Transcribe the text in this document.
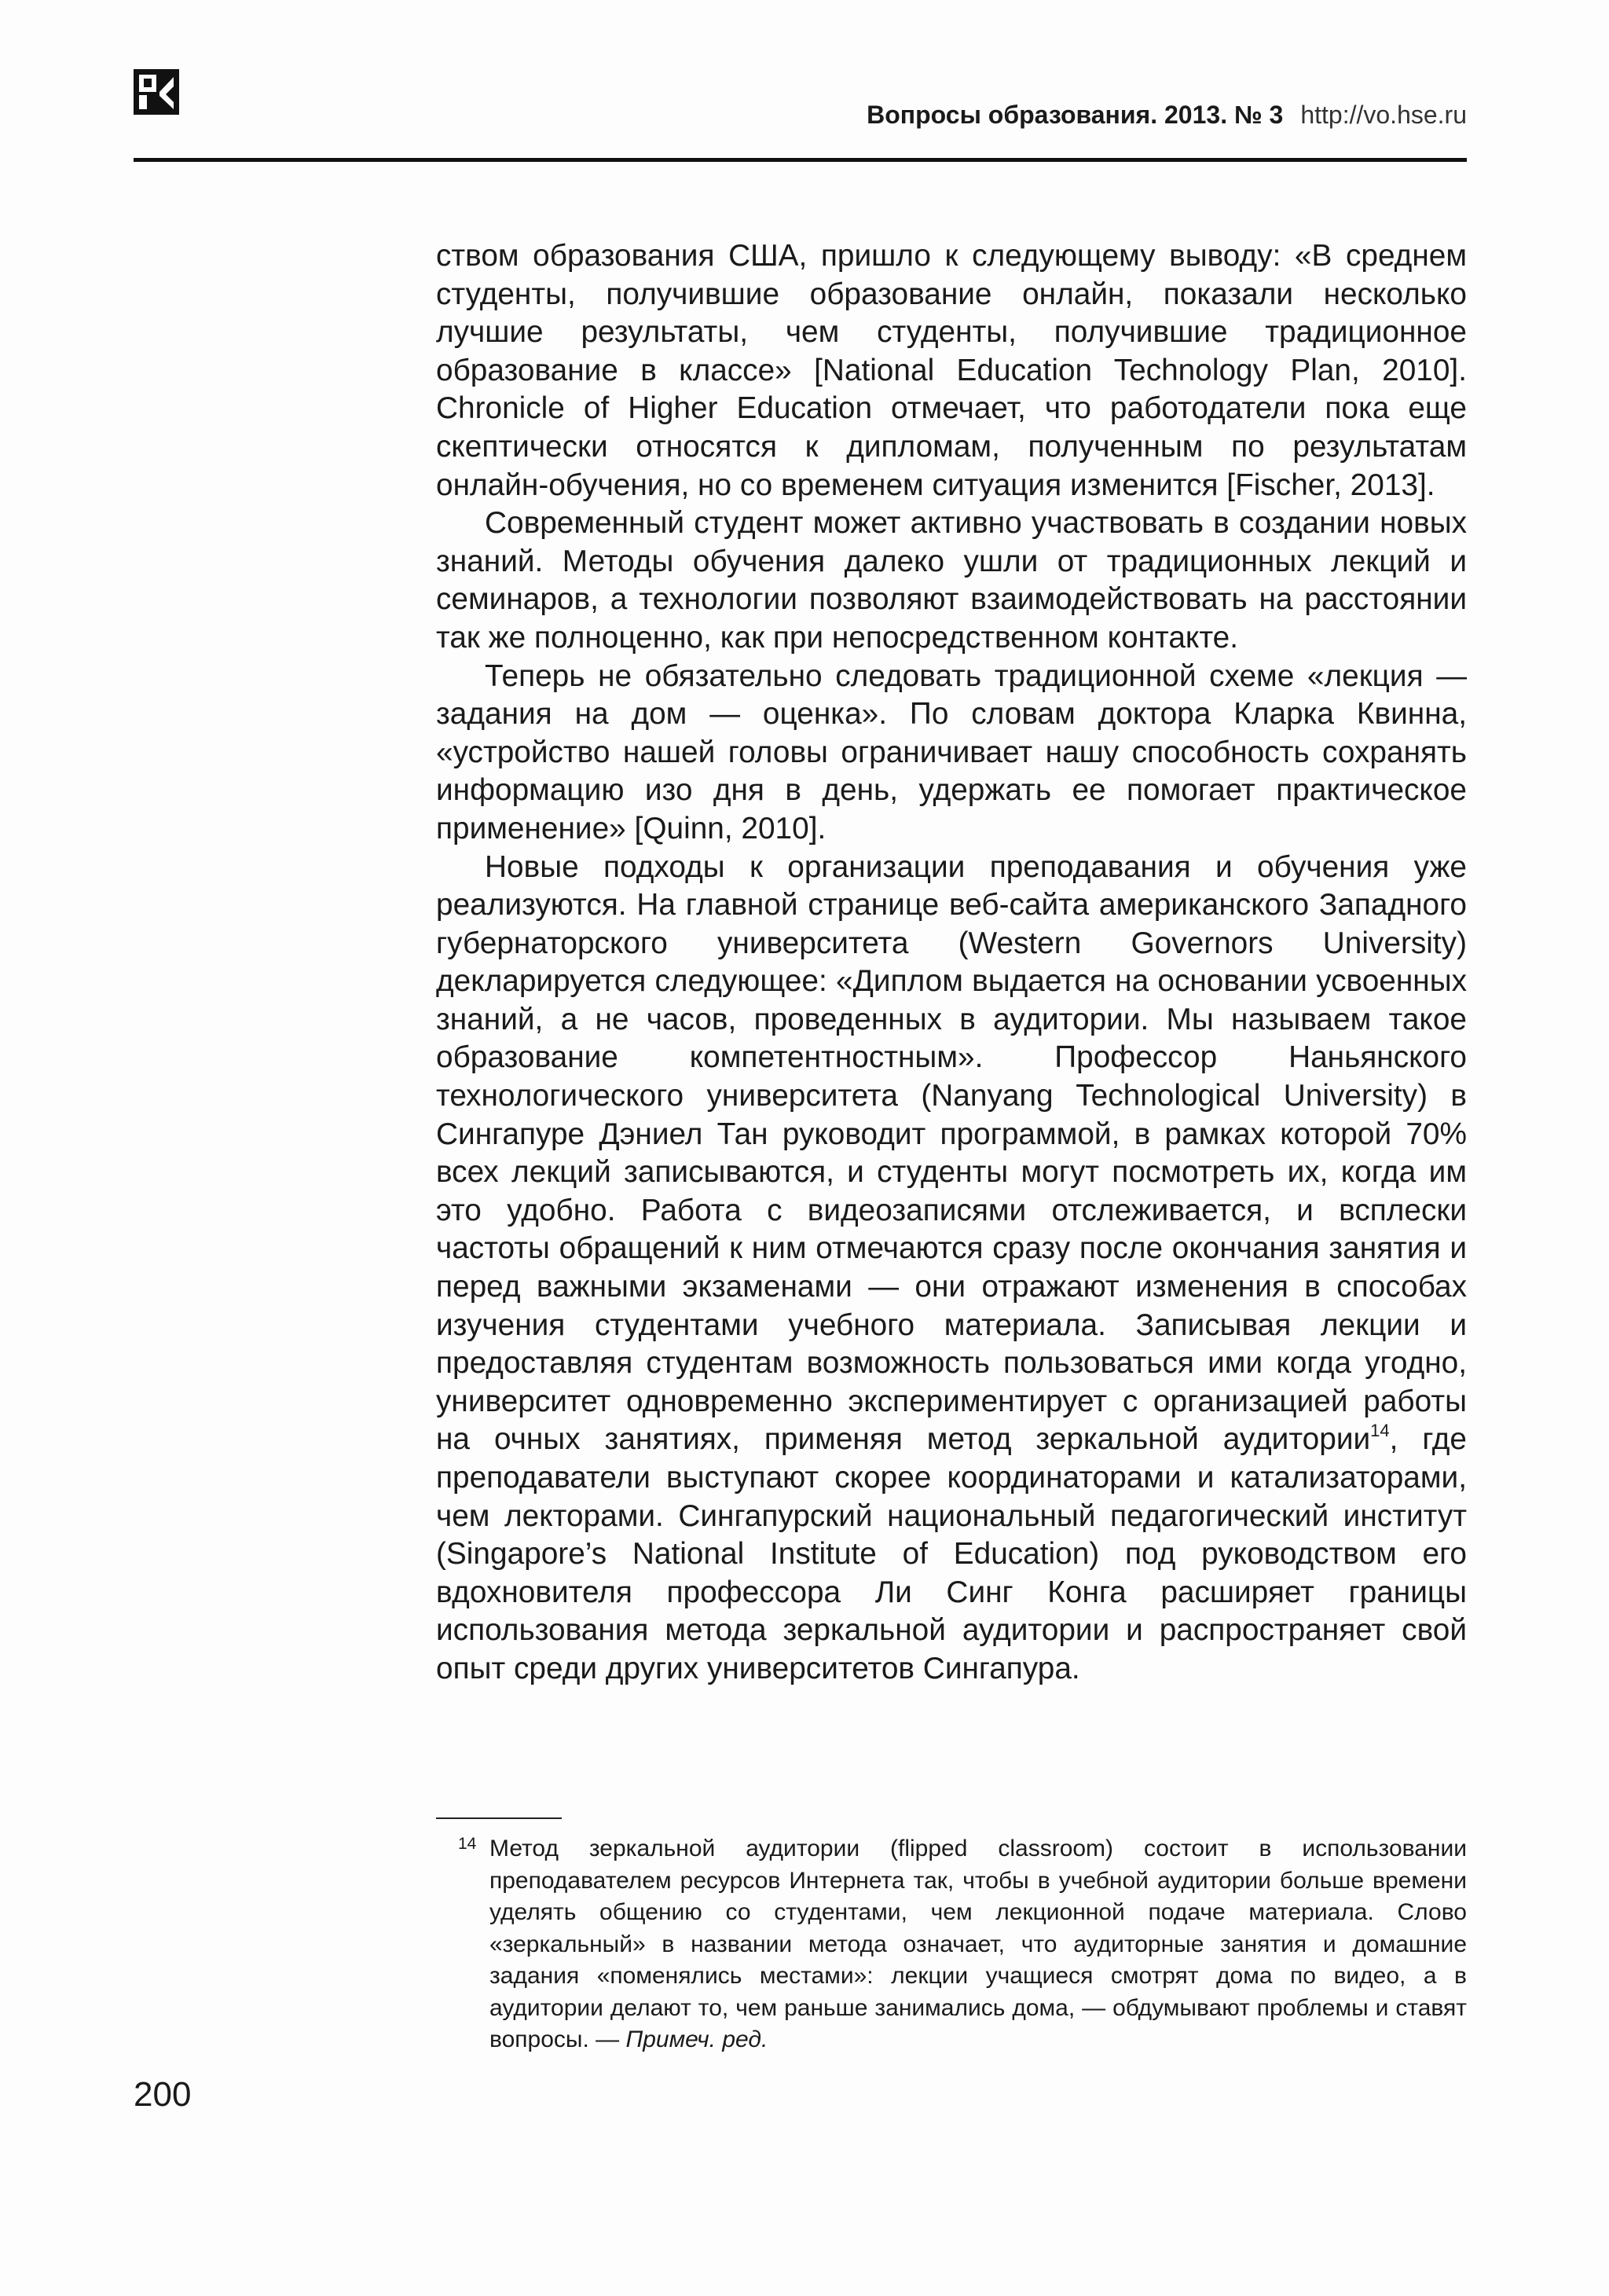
Вопросы образования. 2013. № 3 http://vo.hse.ru

ством образования США, пришло к следующему выводу: «В среднем студенты, получившие образование онлайн, показали несколько лучшие результаты, чем студенты, получившие традиционное образование в классе» [National Education Technology Plan, 2010]. Chronicle of Higher Education отмечает, что работодатели пока еще скептически относятся к дипломам, полученным по результатам онлайн-обучения, но со временем ситуация изменится [Fischer, 2013].

Современный студент может активно участвовать в создании новых знаний. Методы обучения далеко ушли от традиционных лекций и семинаров, а технологии позволяют взаимодействовать на расстоянии так же полноценно, как при непосредственном контакте.

Теперь не обязательно следовать традиционной схеме «лекция — задания на дом — оценка». По словам доктора Кларка Квинна, «устройство нашей головы ограничивает нашу способность сохранять информацию изо дня в день, удержать ее помогает практическое применение» [Quinn, 2010].

Новые подходы к организации преподавания и обучения уже реализуются. На главной странице веб-сайта американского Западного губернаторского университета (Western Governors University) декларируется следующее: «Диплом выдается на основании усвоенных знаний, а не часов, проведенных в аудитории. Мы называем такое образование компетентностным». Профессор Наньянского технологического университета (Nanyang Technological University) в Сингапуре Дэниел Тан руководит программой, в рамках которой 70% всех лекций записываются, и студенты могут посмотреть их, когда им это удобно. Работа с видеозаписями отслеживается, и всплески частоты обращений к ним отмечаются сразу после окончания занятия и перед важными экзаменами — они отражают изменения в способах изучения студентами учебного материала. Записывая лекции и предоставляя студентам возможность пользоваться ими когда угодно, университет одновременно экспериментирует с организацией работы на очных занятиях, применяя метод зеркальной аудитории$^{14}$, где преподаватели выступают скорее координаторами и катализаторами, чем лекторами. Сингапурский национальный педагогический институт (Singapore’s National Institute of Education) под руководством его вдохновителя профессора Ли Синг Конга расширяет границы использования метода зеркальной аудитории и распространяет свой опыт среди других университетов Сингапура.

14 Метод зеркальной аудитории (flipped classroom) состоит в использовании преподавателем ресурсов Интернета так, чтобы в учебной аудитории больше времени уделять общению со студентами, чем лекционной подаче материала. Слово «зеркальный» в названии метода означает, что аудиторные занятия и домашние задания «поменялись местами»: лекции учащиеся смотрят дома по видео, а в аудитории делают то, чем раньше занимались дома, — обдумывают проблемы и ставят вопросы. — Примеч. ред.
200
